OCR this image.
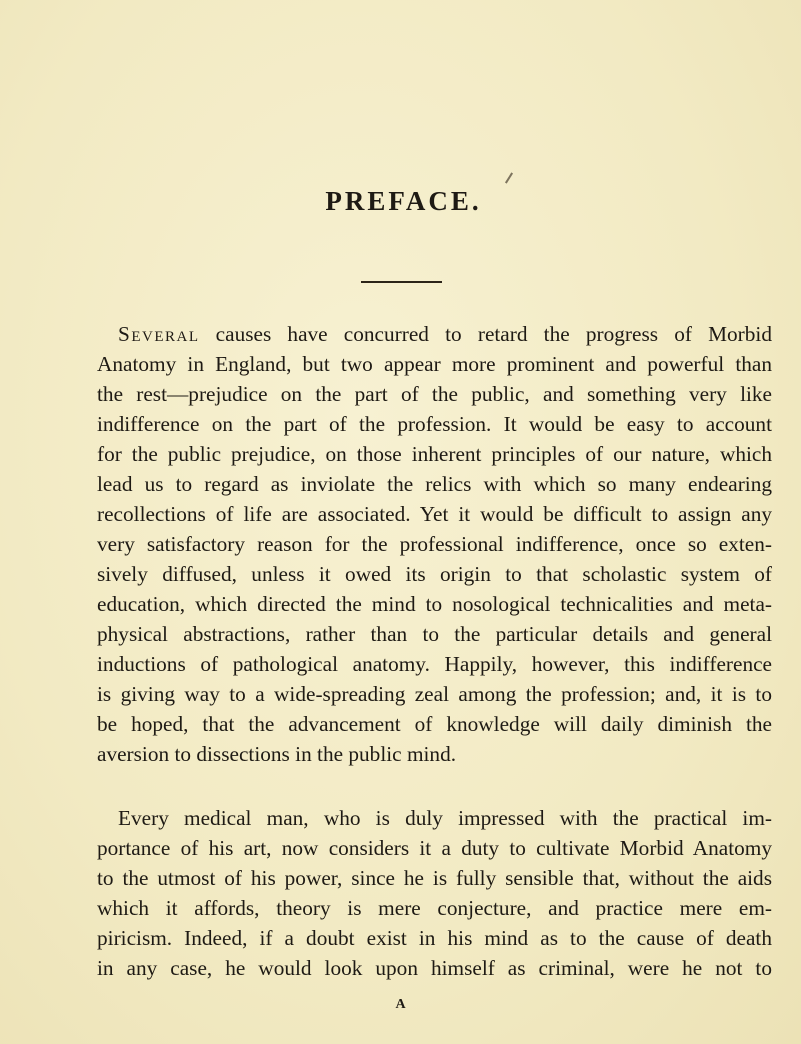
PREFACE.
Several causes have concurred to retard the progress of Morbid
Anatomy in England, but two appear more prominent and powerful than
the rest—prejudice on the part of the public, and something very like
indifference on the part of the profession. It would be easy to account
for the public prejudice, on those inherent principles of our nature, which
lead us to regard as inviolate the relics with which so many endearing
recollections of life are associated. Yet it would be difficult to assign any
very satisfactory reason for the professional indifference, once so exten-
sively diffused, unless it owed its origin to that scholastic system of
education, which directed the mind to nosological technicalities and meta-
physical abstractions, rather than to the particular details and general
inductions of pathological anatomy. Happily, however, this indifference
is giving way to a wide-spreading zeal among the profession; and, it is to
be hoped, that the advancement of knowledge will daily diminish the
aversion to dissections in the public mind.
Every medical man, who is duly impressed with the practical im-
portance of his art, now considers it a duty to cultivate Morbid Anatomy
to the utmost of his power, since he is fully sensible that, without the aids
which it affords, theory is mere conjecture, and practice mere em-
piricism. Indeed, if a doubt exist in his mind as to the cause of death
in any case, he would look upon himself as criminal, were he not to
A
